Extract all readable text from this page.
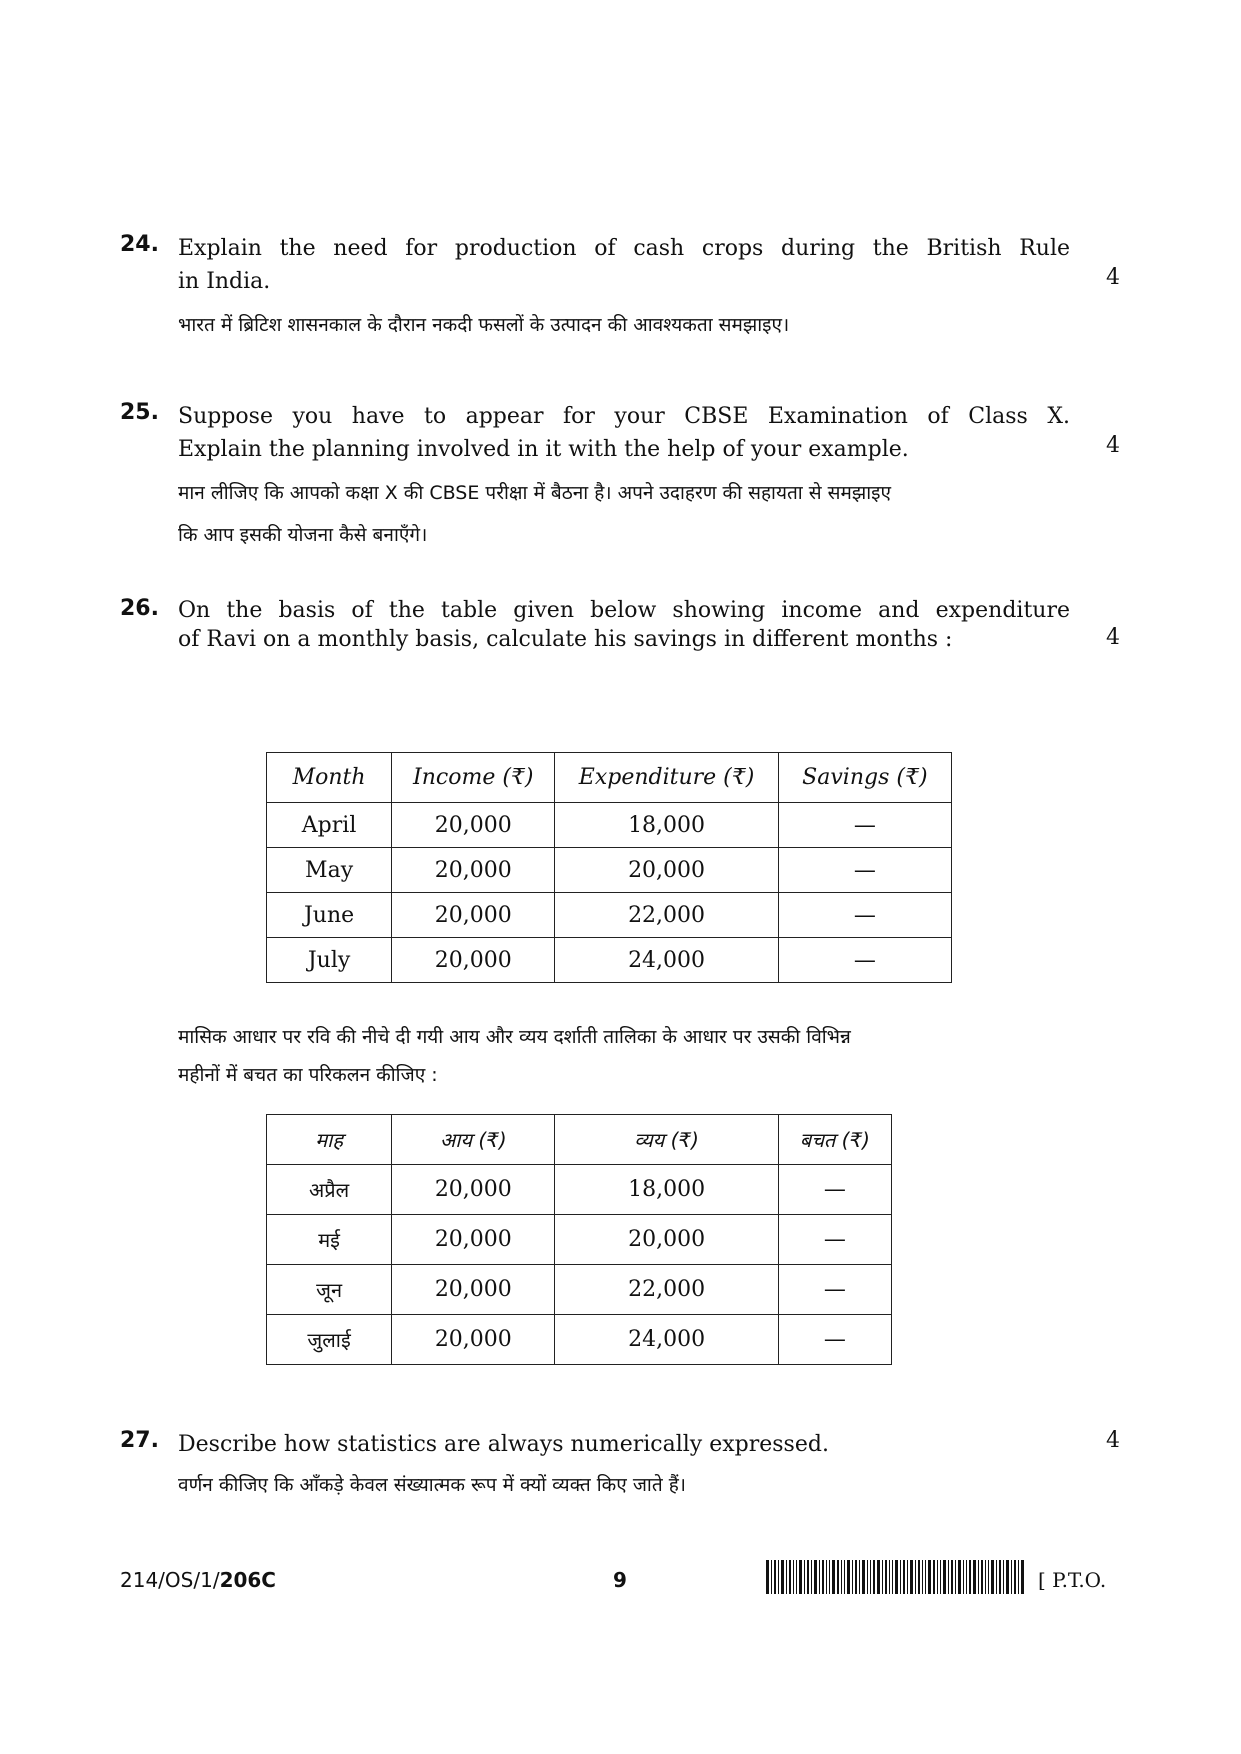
24. Explain the need for production of cash crops during the British Rule
in India.	4
भारत में ब्रिटिश शासनकाल के दौरान नकदी फसलों के उत्पादन की आवश्यकता समझाइए।
25. Suppose you have to appear for your CBSE Examination of Class X.
Explain the planning involved in it with the help of your example.	4
मान लीजिए कि आपको कक्षा X की CBSE परीक्षा में बैठना है। अपने उदाहरण की सहायता से समझाइए
कि आप इसकी योजना कैसे बनाएँगे।
26. On the basis of the table given below showing income and expenditure
of Ravi on a monthly basis, calculate his savings in different months :	4
Month	Income (₹)	Expenditure (₹)	Savings (₹)
April	20,000	18,000	—
May	20,000	20,000	—
June	20,000	22,000	—
July	20,000	24,000	—
मासिक आधार पर रवि की नीचे दी गयी आय और व्यय दर्शाती तालिका के आधार पर उसकी विभिन्न
महीनों में बचत का परिकलन कीजिए :
माह	आय (₹)	व्यय (₹)	बचत (₹)
अप्रैल	20,000	18,000	—
मई	20,000	20,000	—
जून	20,000	22,000	—
जुलाई	20,000	24,000	—
27. Describe how statistics are always numerically expressed.	4
वर्णन कीजिए कि आँकड़े केवल संख्यात्मक रूप में क्यों व्यक्त किए जाते हैं।
214/OS/1/206C	9	[ P.T.O.
